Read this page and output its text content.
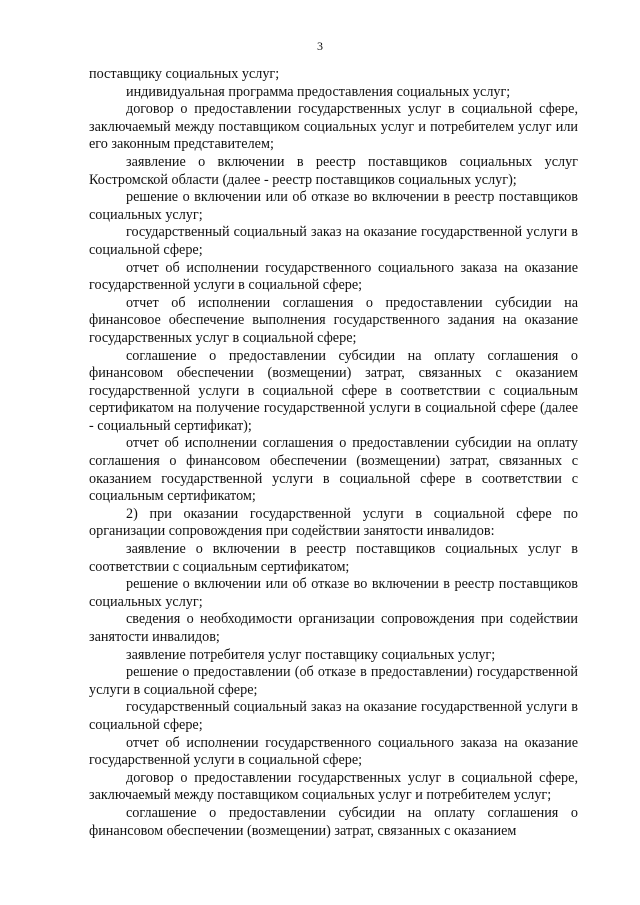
3

поставщику социальных услуг;

индивидуальная программа предоставления социальных услуг;

договор о предоставлении государственных услуг в социальной сфере, заключаемый между поставщиком социальных услуг и потребителем услуг или его законным представителем;

заявление о включении в реестр поставщиков социальных услуг Костромской области (далее - реестр поставщиков социальных услуг);

решение о включении или об отказе во включении в реестр поставщиков социальных услуг;

государственный социальный заказ на оказание государственной услуги в социальной сфере;

отчет об исполнении государственного социального заказа на оказание государственной услуги в социальной сфере;

отчет об исполнении соглашения о предоставлении субсидии на финансовое обеспечение выполнения государственного задания на оказание государственных услуг в социальной сфере;

соглашение о предоставлении субсидии на оплату соглашения о финансовом обеспечении (возмещении) затрат, связанных с оказанием государственной услуги в социальной сфере в соответствии с социальным сертификатом на получение государственной услуги в социальной сфере (далее - социальный сертификат);

отчет об исполнении соглашения о предоставлении субсидии на оплату соглашения о финансовом обеспечении (возмещении) затрат, связанных с оказанием государственной услуги в социальной сфере в соответствии с социальным сертификатом;

2) при оказании государственной услуги в социальной сфере по организации сопровождения при содействии занятости инвалидов:

заявление о включении в реестр поставщиков социальных услуг в соответствии с социальным сертификатом;

решение о включении или об отказе во включении в реестр поставщиков социальных услуг;

сведения о необходимости организации сопровождения при содействии занятости инвалидов;

заявление потребителя услуг поставщику социальных услуг;

решение о предоставлении (об отказе в предоставлении) государственной услуги в социальной сфере;

государственный социальный заказ на оказание государственной услуги в социальной сфере;

отчет об исполнении государственного социального заказа на оказание государственной услуги в социальной сфере;

договор о предоставлении государственных услуг в социальной сфере, заключаемый между поставщиком социальных услуг и потребителем услуг;

соглашение о предоставлении субсидии на оплату соглашения о финансовом обеспечении (возмещении) затрат, связанных с оказанием
